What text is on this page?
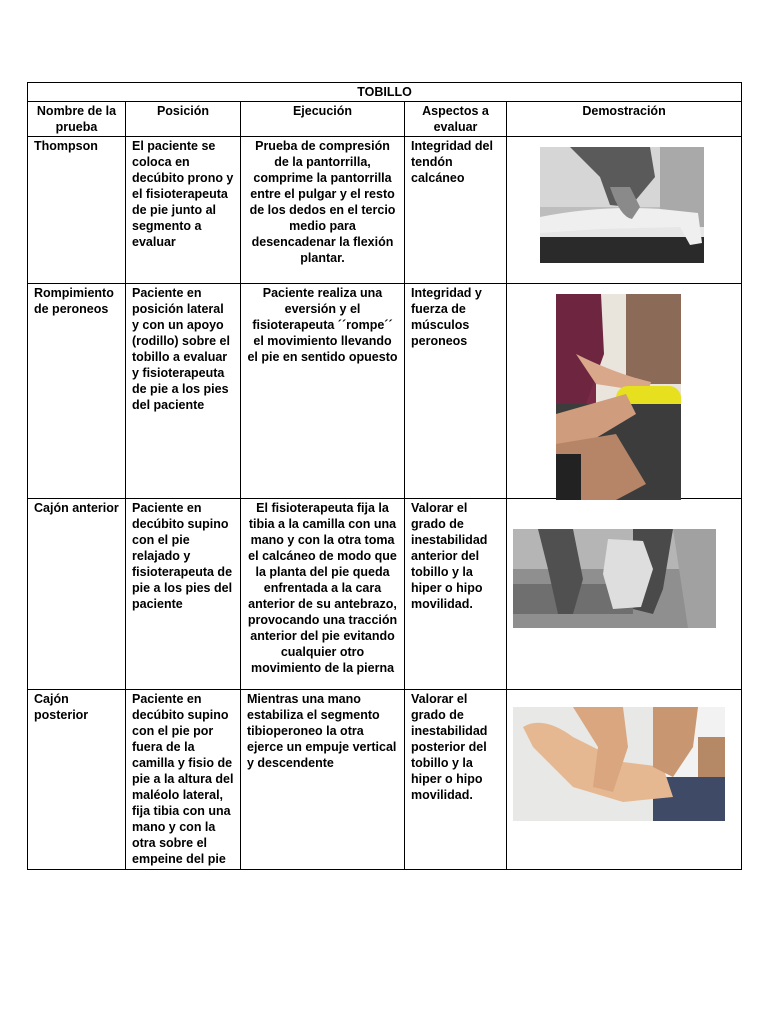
TOBILLO				
Nombre de la prueba	Posición	Ejecución	Aspectos a evaluar	Demostración
Thompson	El paciente se coloca en decúbito prono y el fisioterapeuta de pie junto al segmento a evaluar	Prueba de compresión de la pantorrilla, comprime la pantorrilla entre el pulgar y el resto de los dedos en el tercio medio para desencadenar la flexión plantar.	Integridad del tendón calcáneo	

Rompimiento de peroneos	Paciente en posición lateral y con un apoyo (rodillo) sobre el tobillo a evaluar y fisioterapeuta de pie a los pies del paciente	Paciente realiza una eversión y el fisioterapeuta ´´rompe´´ el movimiento llevando el pie en sentido opuesto	Integridad y fuerza de músculos peroneos	

Cajón anterior	Paciente en decúbito supino con el pie relajado y fisioterapeuta de pie a los pies del paciente	El fisioterapeuta fija la tibia a la camilla con una mano y con la otra toma el calcáneo de modo que la planta del pie queda enfrentada a la cara anterior de su antebrazo, provocando una tracción anterior del pie evitando cualquier otro movimiento de la pierna	Valorar el grado de inestabilidad anterior del tobillo y la hiper o hipo movilidad.	

Cajón posterior	Paciente en decúbito supino con el pie por fuera de la camilla y fisio de pie a la altura del maléolo lateral, fija tibia con una mano y con la otra sobre el empeine del pie	Mientras una mano estabiliza el segmento tibioperoneo la otra ejerce un empuje vertical y descendente	Valorar el grado de inestabilidad posterior del tobillo y la hiper o hipo movilidad.	
